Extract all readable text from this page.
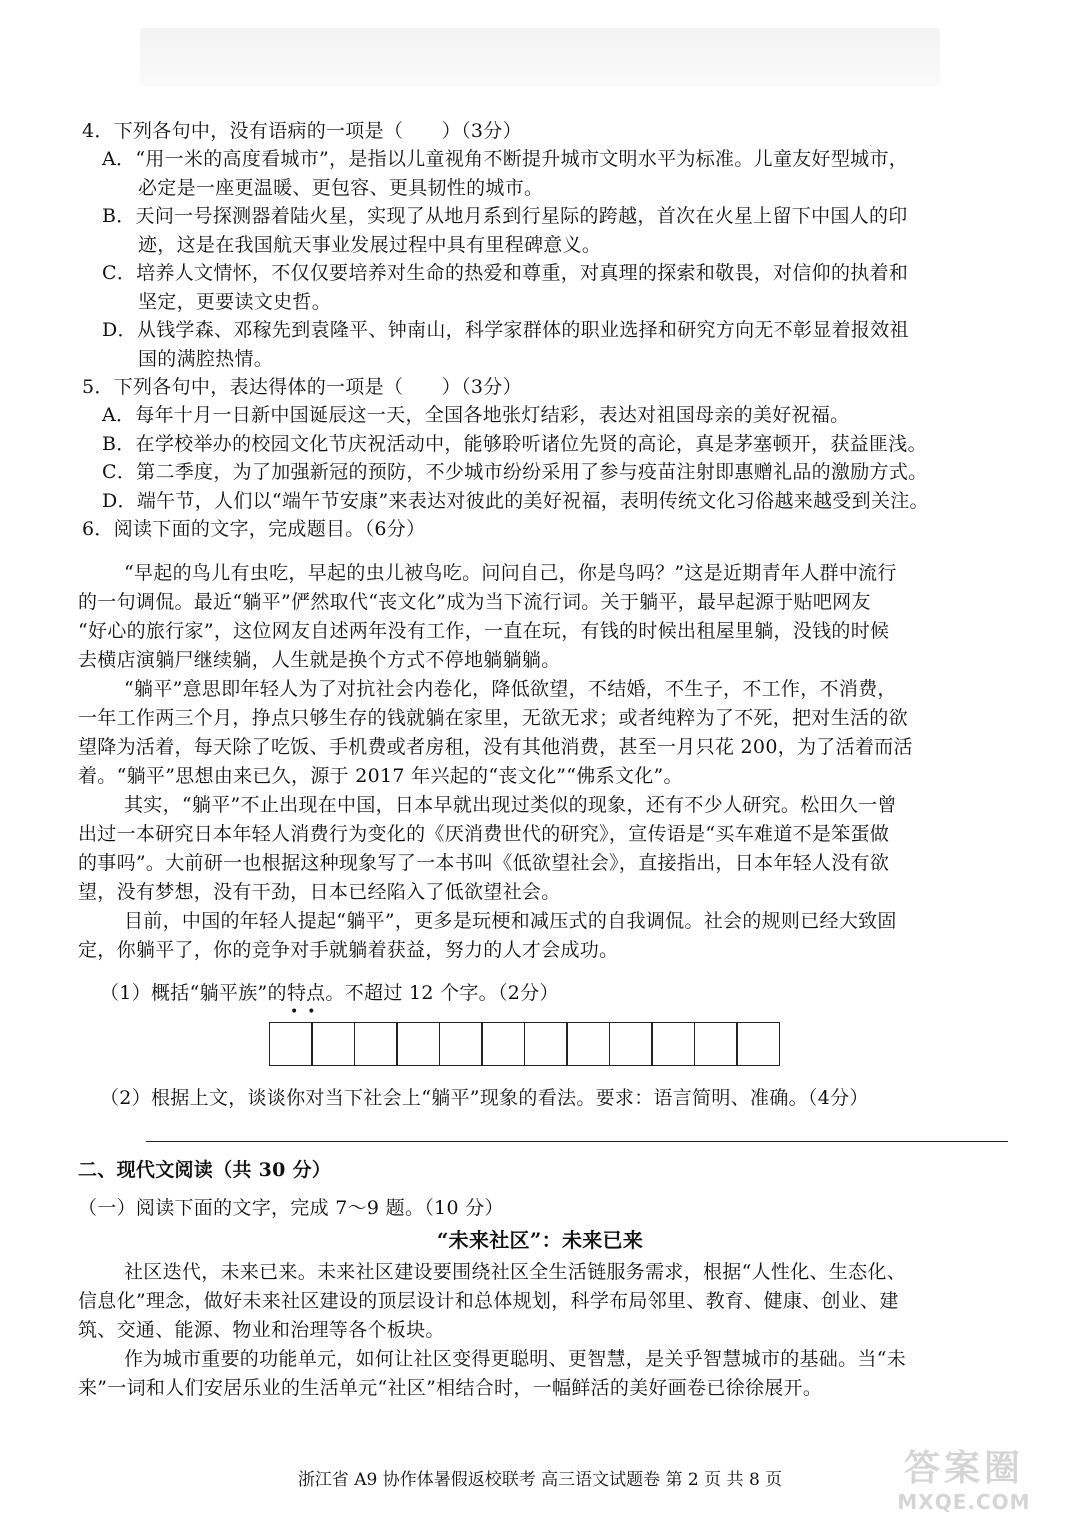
4．下列各句中，没有语病的一项是（　　）（3分）
A．“用一米的高度看城市”，是指以儿童视角不断提升城市文明水平为标准。儿童友好型城市，
必定是一座更温暖、更包容、更具韧性的城市。
B．天问一号探测器着陆火星，实现了从地月系到行星际的跨越，首次在火星上留下中国人的印
迹，这是在我国航天事业发展过程中具有里程碑意义。
C．培养人文情怀，不仅仅要培养对生命的热爱和尊重，对真理的探索和敬畏，对信仰的执着和
坚定，更要读文史哲。
D．从钱学森、邓稼先到袁隆平、钟南山，科学家群体的职业选择和研究方向无不彰显着报效祖
国的满腔热情。
5．下列各句中，表达得体的一项是（　　）（3分）
A．每年十月一日新中国诞辰这一天，全国各地张灯结彩，表达对祖国母亲的美好祝福。
B．在学校举办的校园文化节庆祝活动中，能够聆听诸位先贤的高论，真是茅塞顿开，获益匪浅。
C．第二季度，为了加强新冠的预防，不少城市纷纷采用了参与疫苗注射即惠赠礼品的激励方式。
D．端午节，人们以“端午节安康”来表达对彼此的美好祝福，表明传统文化习俗越来越受到关注。
6．阅读下面的文字，完成题目。（6分）
“早起的鸟儿有虫吃，早起的虫儿被鸟吃。问问自己，你是鸟吗？”这是近期青年人群中流行
的一句调侃。最近“躺平”俨然取代“丧文化”成为当下流行词。关于躺平，最早起源于贴吧网友
“好心的旅行家”，这位网友自述两年没有工作，一直在玩，有钱的时候出租屋里躺，没钱的时候
去横店演躺尸继续躺，人生就是换个方式不停地躺躺躺。
“躺平”意思即年轻人为了对抗社会内卷化，降低欲望，不结婚，不生子，不工作，不消费，
一年工作两三个月，挣点只够生存的钱就躺在家里，无欲无求；或者纯粹为了不死，把对生活的欲
望降为活着，每天除了吃饭、手机费或者房租，没有其他消费，甚至一月只花 200，为了活着而活
着。“躺平”思想由来已久，源于 2017 年兴起的“丧文化”“佛系文化”。
其实，“躺平”不止出现在中国，日本早就出现过类似的现象，还有不少人研究。松田久一曾
出过一本研究日本年轻人消费行为变化的《厌消费世代的研究》，宣传语是“买车难道不是笨蛋做
的事吗”。大前研一也根据这种现象写了一本书叫《低欲望社会》，直接指出，日本年轻人没有欲
望，没有梦想，没有干劲，日本已经陷入了低欲望社会。
目前，中国的年轻人提起“躺平”，更多是玩梗和减压式的自我调侃。社会的规则已经大致固
定，你躺平了，你的竞争对手就躺着获益，努力的人才会成功。
（1）概括“躺平族”的特点。不超过 12 个字。（2分）
••
（2）根据上文，谈谈你对当下社会上“躺平”现象的看法。要求：语言简明、准确。（4分）
二、现代文阅读（共 30 分）
（一）阅读下面的文字，完成 7～9 题。（10 分）
“未来社区”：未来已来
社区迭代，未来已来。未来社区建设要围绕社区全生活链服务需求，根据“人性化、生态化、
信息化”理念，做好未来社区建设的顶层设计和总体规划，科学布局邻里、教育、健康、创业、建
筑、交通、能源、物业和治理等各个板块。
作为城市重要的功能单元，如何让社区变得更聪明、更智慧，是关乎智慧城市的基础。当“未
来”一词和人们安居乐业的生活单元“社区”相结合时，一幅鲜活的美好画卷已徐徐展开。
浙江省 A9 协作体暑假返校联考 高三语文试题卷 第 2 页 共 8 页	答案圈
MXQE.COM
